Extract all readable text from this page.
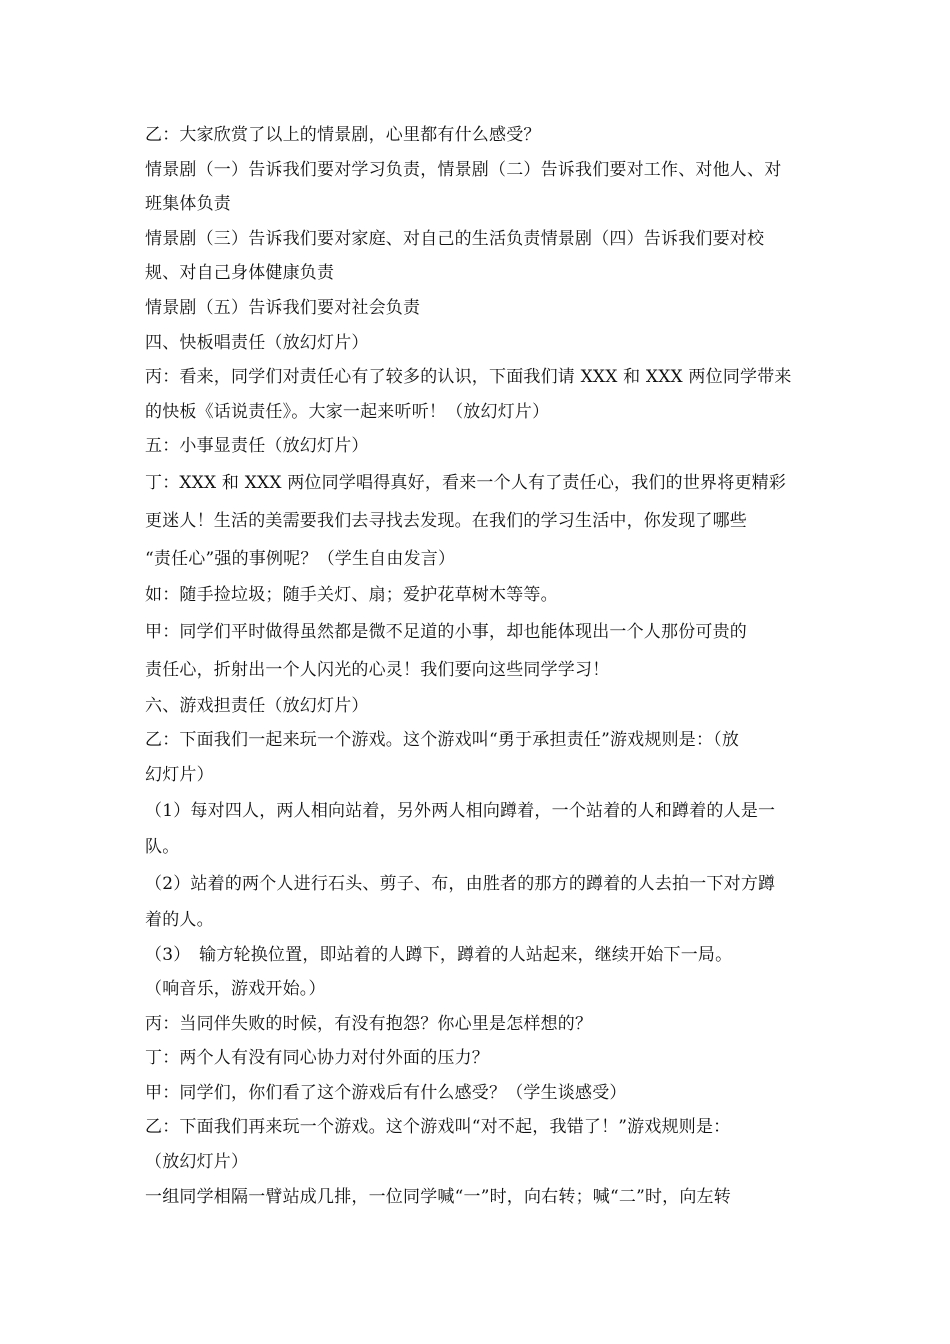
乙：大家欣赏了以上的情景剧，心里都有什么感受？
情景剧（一）告诉我们要对学习负责，情景剧（二）告诉我们要对工作、对他人、对
班集体负责
情景剧（三）告诉我们要对家庭、对自己的生活负责情景剧（四）告诉我们要对校
规、对自己身体健康负责
情景剧（五）告诉我们要对社会负责
四、快板唱责任（放幻灯片）
丙：看来，同学们对责任心有了较多的认识，下面我们请 XXX 和 XXX 两位同学带来
的快板《话说责任》。大家一起来听听！（放幻灯片）
五：小事显责任（放幻灯片）
丁：XXX 和 XXX 两位同学唱得真好，看来一个人有了责任心，我们的世界将更精彩
更迷人！生活的美需要我们去寻找去发现。在我们的学习生活中，你发现了哪些
“责任心”强的事例呢？（学生自由发言）
如：随手捡垃圾；随手关灯、扇；爱护花草树木等等。
甲：同学们平时做得虽然都是微不足道的小事，却也能体现出一个人那份可贵的
责任心，折射出一个人闪光的心灵！我们要向这些同学学习！
六、游戏担责任（放幻灯片）
乙：下面我们一起来玩一个游戏。这个游戏叫“勇于承担责任”游戏规则是：（放
幻灯片）
（1）每对四人，两人相向站着，另外两人相向蹲着，一个站着的人和蹲着的人是一
队。
（2）站着的两个人进行石头、剪子、布，由胜者的那方的蹲着的人去拍一下对方蹲
着的人。
（3）　输方轮换位置，即站着的人蹲下，蹲着的人站起来，继续开始下一局。
（响音乐，游戏开始。）
丙：当同伴失败的时候，有没有抱怨？你心里是怎样想的？
丁：两个人有没有同心协力对付外面的压力？
甲：同学们，你们看了这个游戏后有什么感受？（学生谈感受）
乙：下面我们再来玩一个游戏。这个游戏叫“对不起，我错了！”游戏规则是：
（放幻灯片）
一组同学相隔一臂站成几排，一位同学喊“一”时，向右转；喊“二”时，向左转
